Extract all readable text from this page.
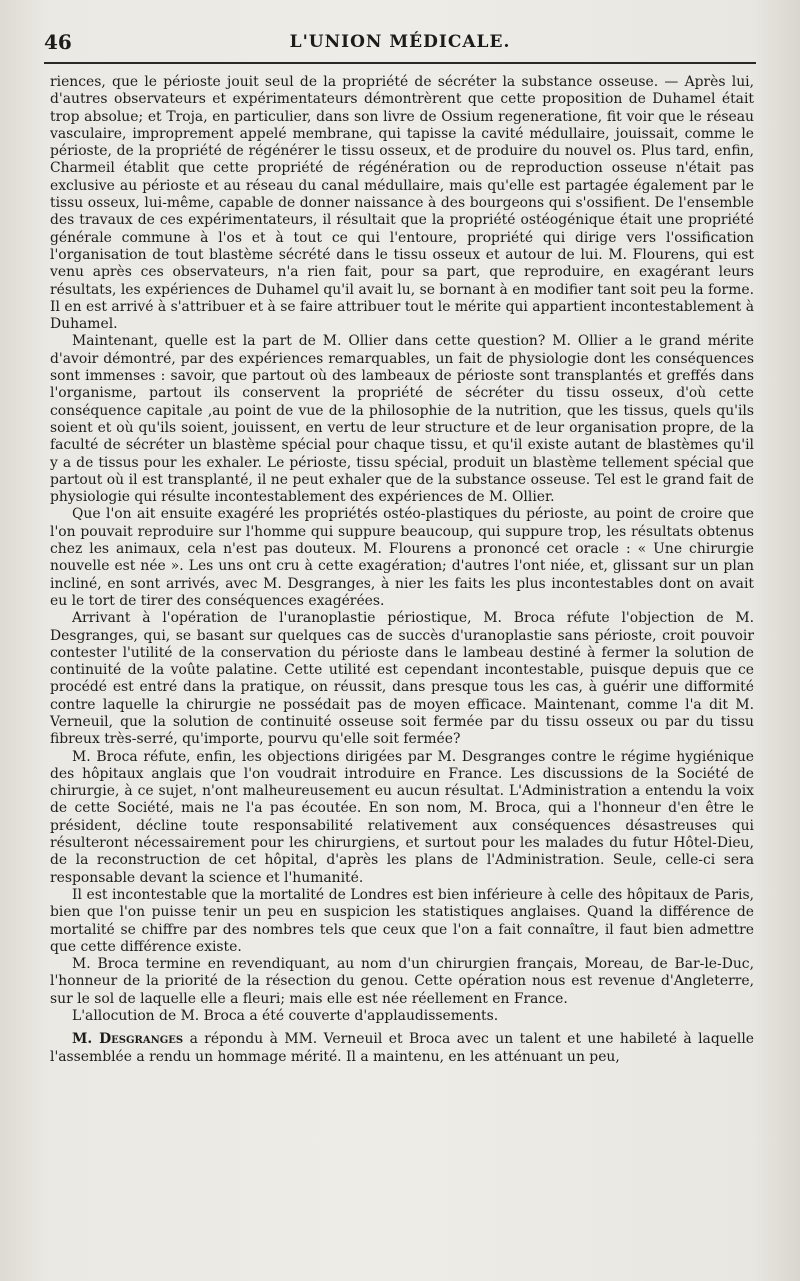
46	L'UNION MÉDICALE.

riences, que le périoste jouit seul de la propriété de sécréter la substance osseuse. — Après lui, d'autres observateurs et expérimentateurs démontrèrent que cette proposition de Duhamel était trop absolue; et Troja, en particulier, dans son livre de Ossium regeneratione, fit voir que le réseau vasculaire, improprement appelé membrane, qui tapisse la cavité médullaire, jouissait, comme le périoste, de la propriété de régénérer le tissu osseux, et de produire du nouvel os. Plus tard, enfin, Charmeil établit que cette propriété de régénération ou de reproduction osseuse n'était pas exclusive au périoste et au réseau du canal médullaire, mais qu'elle est partagée également par le tissu osseux, lui-même, capable de donner naissance à des bourgeons qui s'ossifient. De l'ensemble des travaux de ces expérimentateurs, il résultait que la propriété ostéogénique était une propriété générale commune à l'os et à tout ce qui l'entoure, propriété qui dirige vers l'ossification l'organisation de tout blastème sécrété dans le tissu osseux et autour de lui. M. Flourens, qui est venu après ces observateurs, n'a rien fait, pour sa part, que reproduire, en exagérant leurs résultats, les expériences de Duhamel qu'il avait lu, se bornant à en modifier tant soit peu la forme. Il en est arrivé à s'attribuer et à se faire attribuer tout le mérite qui appartient incontestablement à Duhamel.

Maintenant, quelle est la part de M. Ollier dans cette question? M. Ollier a le grand mérite d'avoir démontré, par des expériences remarquables, un fait de physiologie dont les conséquences sont immenses : savoir, que partout où des lambeaux de périoste sont transplantés et greffés dans l'organisme, partout ils conservent la propriété de sécréter du tissu osseux, d'où cette conséquence capitale ,au point de vue de la philosophie de la nutrition, que les tissus, quels qu'ils soient et où qu'ils soient, jouissent, en vertu de leur structure et de leur organisation propre, de la faculté de sécréter un blastème spécial pour chaque tissu, et qu'il existe autant de blastèmes qu'il y a de tissus pour les exhaler. Le périoste, tissu spécial, produit un blastème tellement spécial que partout où il est transplanté, il ne peut exhaler que de la substance osseuse. Tel est le grand fait de physiologie qui résulte incontestablement des expériences de M. Ollier.

Que l'on ait ensuite exagéré les propriétés ostéo-plastiques du périoste, au point de croire que l'on pouvait reproduire sur l'homme qui suppure beaucoup, qui suppure trop, les résultats obtenus chez les animaux, cela n'est pas douteux. M. Flourens a prononcé cet oracle : « Une chirurgie nouvelle est née ». Les uns ont cru à cette exagération; d'autres l'ont niée, et, glissant sur un plan incliné, en sont arrivés, avec M. Desgranges, à nier les faits les plus incontestables dont on avait eu le tort de tirer des conséquences exagérées.

Arrivant à l'opération de l'uranoplastie périostique, M. Broca réfute l'objection de M. Desgranges, qui, se basant sur quelques cas de succès d'uranoplastie sans périoste, croit pouvoir contester l'utilité de la conservation du périoste dans le lambeau destiné à fermer la solution de continuité de la voûte palatine. Cette utilité est cependant incontestable, puisque depuis que ce procédé est entré dans la pratique, on réussit, dans presque tous les cas, à guérir une difformité contre laquelle la chirurgie ne possédait pas de moyen efficace. Maintenant, comme l'a dit M. Verneuil, que la solution de continuité osseuse soit fermée par du tissu osseux ou par du tissu fibreux très-serré, qu'importe, pourvu qu'elle soit fermée?

M. Broca réfute, enfin, les objections dirigées par M. Desgranges contre le régime hygiénique des hôpitaux anglais que l'on voudrait introduire en France. Les discussions de la Société de chirurgie, à ce sujet, n'ont malheureusement eu aucun résultat. L'Administration a entendu la voix de cette Société, mais ne l'a pas écoutée. En son nom, M. Broca, qui a l'honneur d'en être le président, décline toute responsabilité relativement aux conséquences désastreuses qui résulteront nécessairement pour les chirurgiens, et surtout pour les malades du futur Hôtel-Dieu, de la reconstruction de cet hôpital, d'après les plans de l'Administration. Seule, celle-ci sera responsable devant la science et l'humanité.

Il est incontestable que la mortalité de Londres est bien inférieure à celle des hôpitaux de Paris, bien que l'on puisse tenir un peu en suspicion les statistiques anglaises. Quand la différence de mortalité se chiffre par des nombres tels que ceux que l'on a fait connaître, il faut bien admettre que cette différence existe.

M. Broca termine en revendiquant, au nom d'un chirurgien français, Moreau, de Bar-le-Duc, l'honneur de la priorité de la résection du genou. Cette opération nous est revenue d'Angleterre, sur le sol de laquelle elle a fleuri; mais elle est née réellement en France.

L'allocution de M. Broca a été couverte d'applaudissements.

M. Desgranges a répondu à MM. Verneuil et Broca avec un talent et une habileté à laquelle l'assemblée a rendu un hommage mérité. Il a maintenu, en les atténuant un peu,
